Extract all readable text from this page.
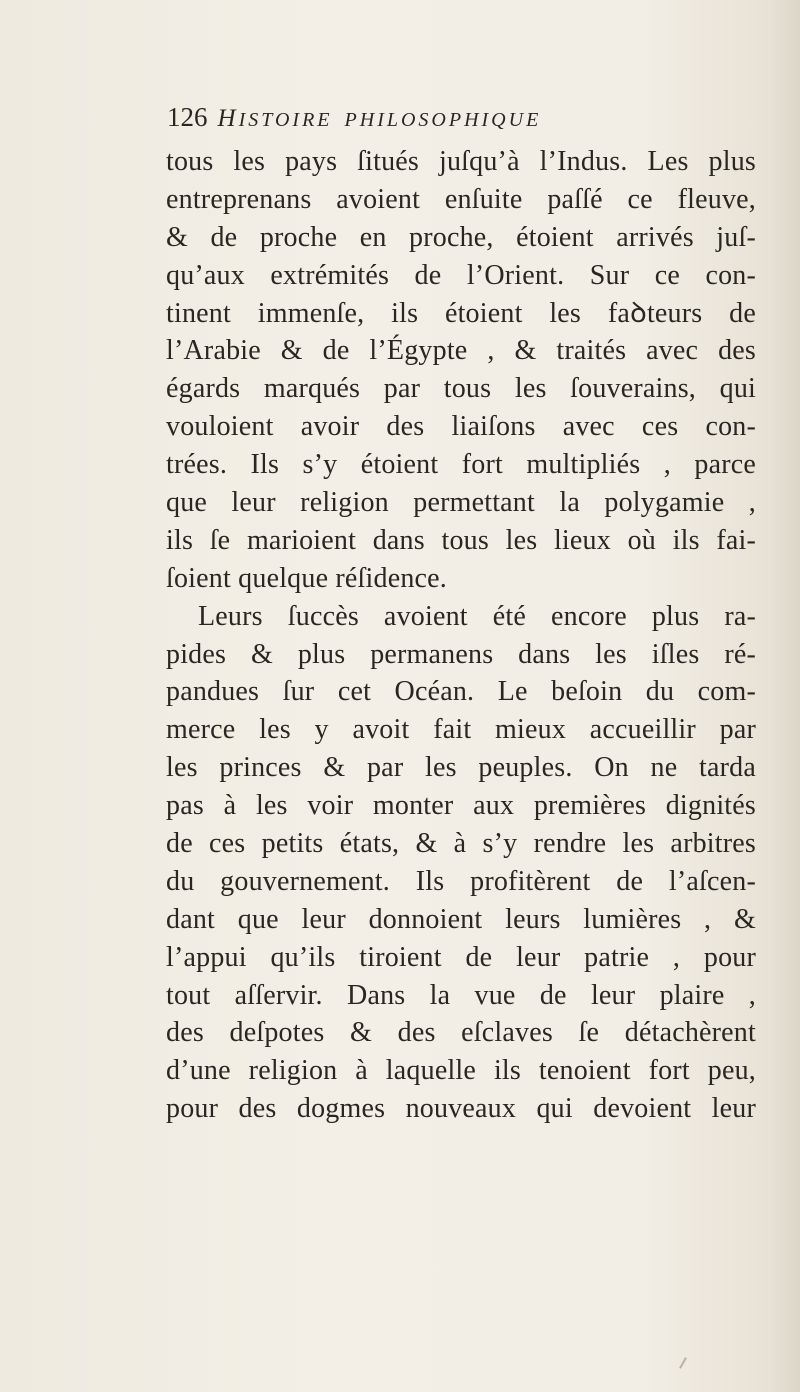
126 HISTOIRE PHILOSOPHIQUE
tous les pays ſitués juſqu’à l’Indus. Les plus
entreprenans avoient enſuite paſſé ce fleuve,
& de proche en proche, étoient arrivés juſ-
qu’aux extrémités de l’Orient. Sur ce con-
tinent immenſe, ils étoient les faꝺteurs de
l’Arabie & de l’Égypte , & traités avec des
égards marqués par tous les ſouverains, qui
vouloient avoir des liaiſons avec ces con-
trées. Ils s’y étoient fort multipliés , parce
que leur religion permettant la polygamie ,
ils ſe marioient dans tous les lieux où ils fai-
ſoient quelque réſidence.
Leurs ſuccès avoient été encore plus ra-
pides & plus permanens dans les iſles ré-
pandues ſur cet Océan. Le beſoin du com-
merce les y avoit fait mieux accueillir par
les princes & par les peuples. On ne tarda
pas à les voir monter aux premières dignités
de ces petits états, & à s’y rendre les arbitres
du gouvernement. Ils profitèrent de l’aſcen-
dant que leur donnoient leurs lumières , &
l’appui qu’ils tiroient de leur patrie , pour
tout aſſervir. Dans la vue de leur plaire ,
des deſpotes & des eſclaves ſe détachèrent
d’une religion à laquelle ils tenoient fort peu,
pour des dogmes nouveaux qui devoient leur
